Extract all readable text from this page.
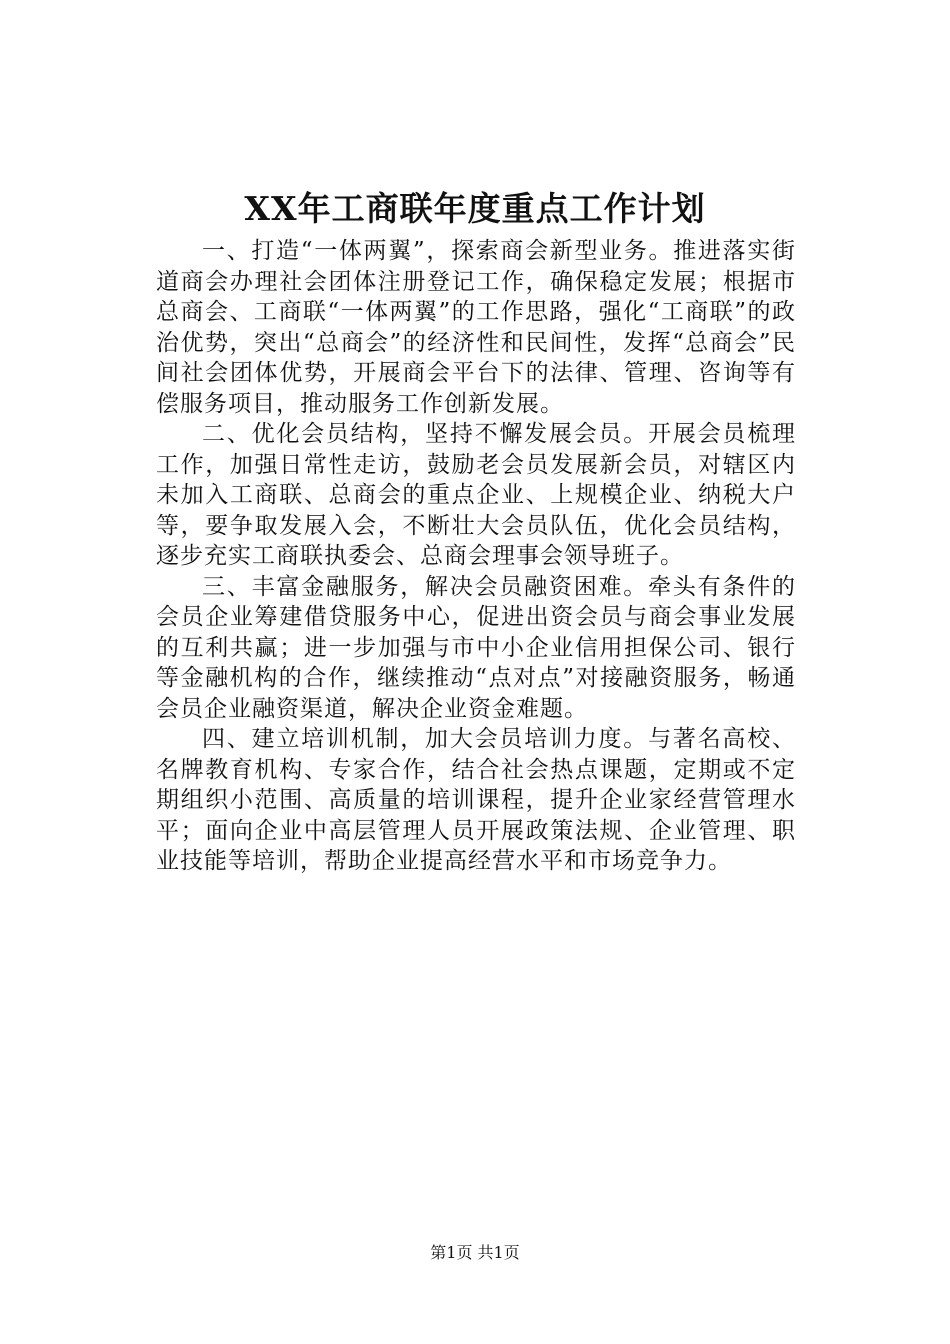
XX年工商联年度重点工作计划

一、打造“一体两翼”，探索商会新型业务。推进落实街道商会办理社会团体注册登记工作，确保稳定发展；根据市总商会、工商联“一体两翼”的工作思路，强化“工商联”的政治优势，突出“总商会”的经济性和民间性，发挥“总商会”民间社会团体优势，开展商会平台下的法律、管理、咨询等有偿服务项目，推动服务工作创新发展。

二、优化会员结构，坚持不懈发展会员。开展会员梳理工作，加强日常性走访，鼓励老会员发展新会员，对辖区内未加入工商联、总商会的重点企业、上规模企业、纳税大户等，要争取发展入会，不断壮大会员队伍，优化会员结构，逐步充实工商联执委会、总商会理事会领导班子。

三、丰富金融服务，解决会员融资困难。牵头有条件的会员企业筹建借贷服务中心，促进出资会员与商会事业发展的互利共赢；进一步加强与市中小企业信用担保公司、银行等金融机构的合作，继续推动“点对点”对接融资服务，畅通会员企业融资渠道，解决企业资金难题。

四、建立培训机制，加大会员培训力度。与著名高校、名牌教育机构、专家合作，结合社会热点课题，定期或不定期组织小范围、高质量的培训课程，提升企业家经营管理水平；面向企业中高层管理人员开展政策法规、企业管理、职业技能等培训，帮助企业提高经营水平和市场竞争力。

第1页 共1页
